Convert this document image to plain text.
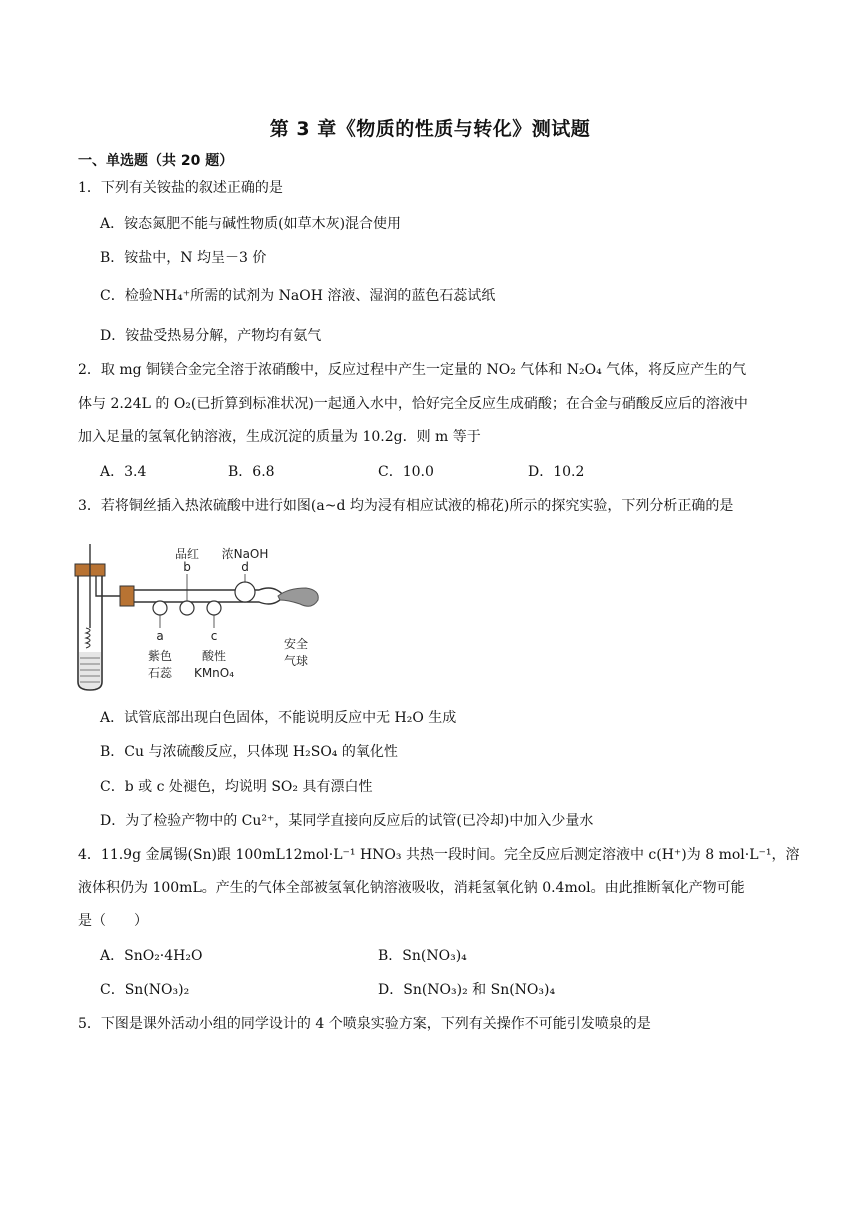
第 3 章《物质的性质与转化》测试题
一、单选题（共 20 题）
1．下列有关铵盐的叙述正确的是
A．铵态氮肥不能与碱性物质(如草木灰)混合使用
B．铵盐中，N 均呈－3 价
C．检验NH₄⁺所需的试剂为 NaOH 溶液、湿润的蓝色石蕊试纸
D．铵盐受热易分解，产物均有氨气
2．取 mg 铜镁合金完全溶于浓硝酸中，反应过程中产生一定量的 NO₂ 气体和 N₂O₄ 气体，将反应产生的气
体与 2.24L 的 O₂(已折算到标准状况)一起通入水中，恰好完全反应生成硝酸；在合金与硝酸反应后的溶液中
加入足量的氢氧化钠溶液，生成沉淀的质量为 10.2g．则 m 等于
A．3.4	B．6.8	C．10.0	D．10.2
3．若将铜丝插入热浓硫酸中进行如图(a~d 均为浸有相应试液的棉花)所示的探究实验，下列分析正确的是
品红
b
浓NaOH
d
a
紫色
石蕊
c
酸性
KMnO₄
安全
气球
A．试管底部出现白色固体，不能说明反应中无 H₂O 生成
B．Cu 与浓硫酸反应，只体现 H₂SO₄ 的氧化性
C．b 或 c 处褪色，均说明 SO₂ 具有漂白性
D．为了检验产物中的 Cu²⁺，某同学直接向反应后的试管(已冷却)中加入少量水
4．11.9g 金属锡(Sn)跟 100mL12mol·L⁻¹ HNO₃ 共热一段时间。完全反应后测定溶液中 c(H⁺)为 8 mol·L⁻¹，溶
液体积仍为 100mL。产生的气体全部被氢氧化钠溶液吸收，消耗氢氧化钠 0.4mol。由此推断氧化产物可能
是（　　）
A．SnO₂·4H₂O	B．Sn(NO₃)₄
C．Sn(NO₃)₂	D．Sn(NO₃)₂ 和 Sn(NO₃)₄
5．下图是课外活动小组的同学设计的 4 个喷泉实验方案，下列有关操作不可能引发喷泉的是
